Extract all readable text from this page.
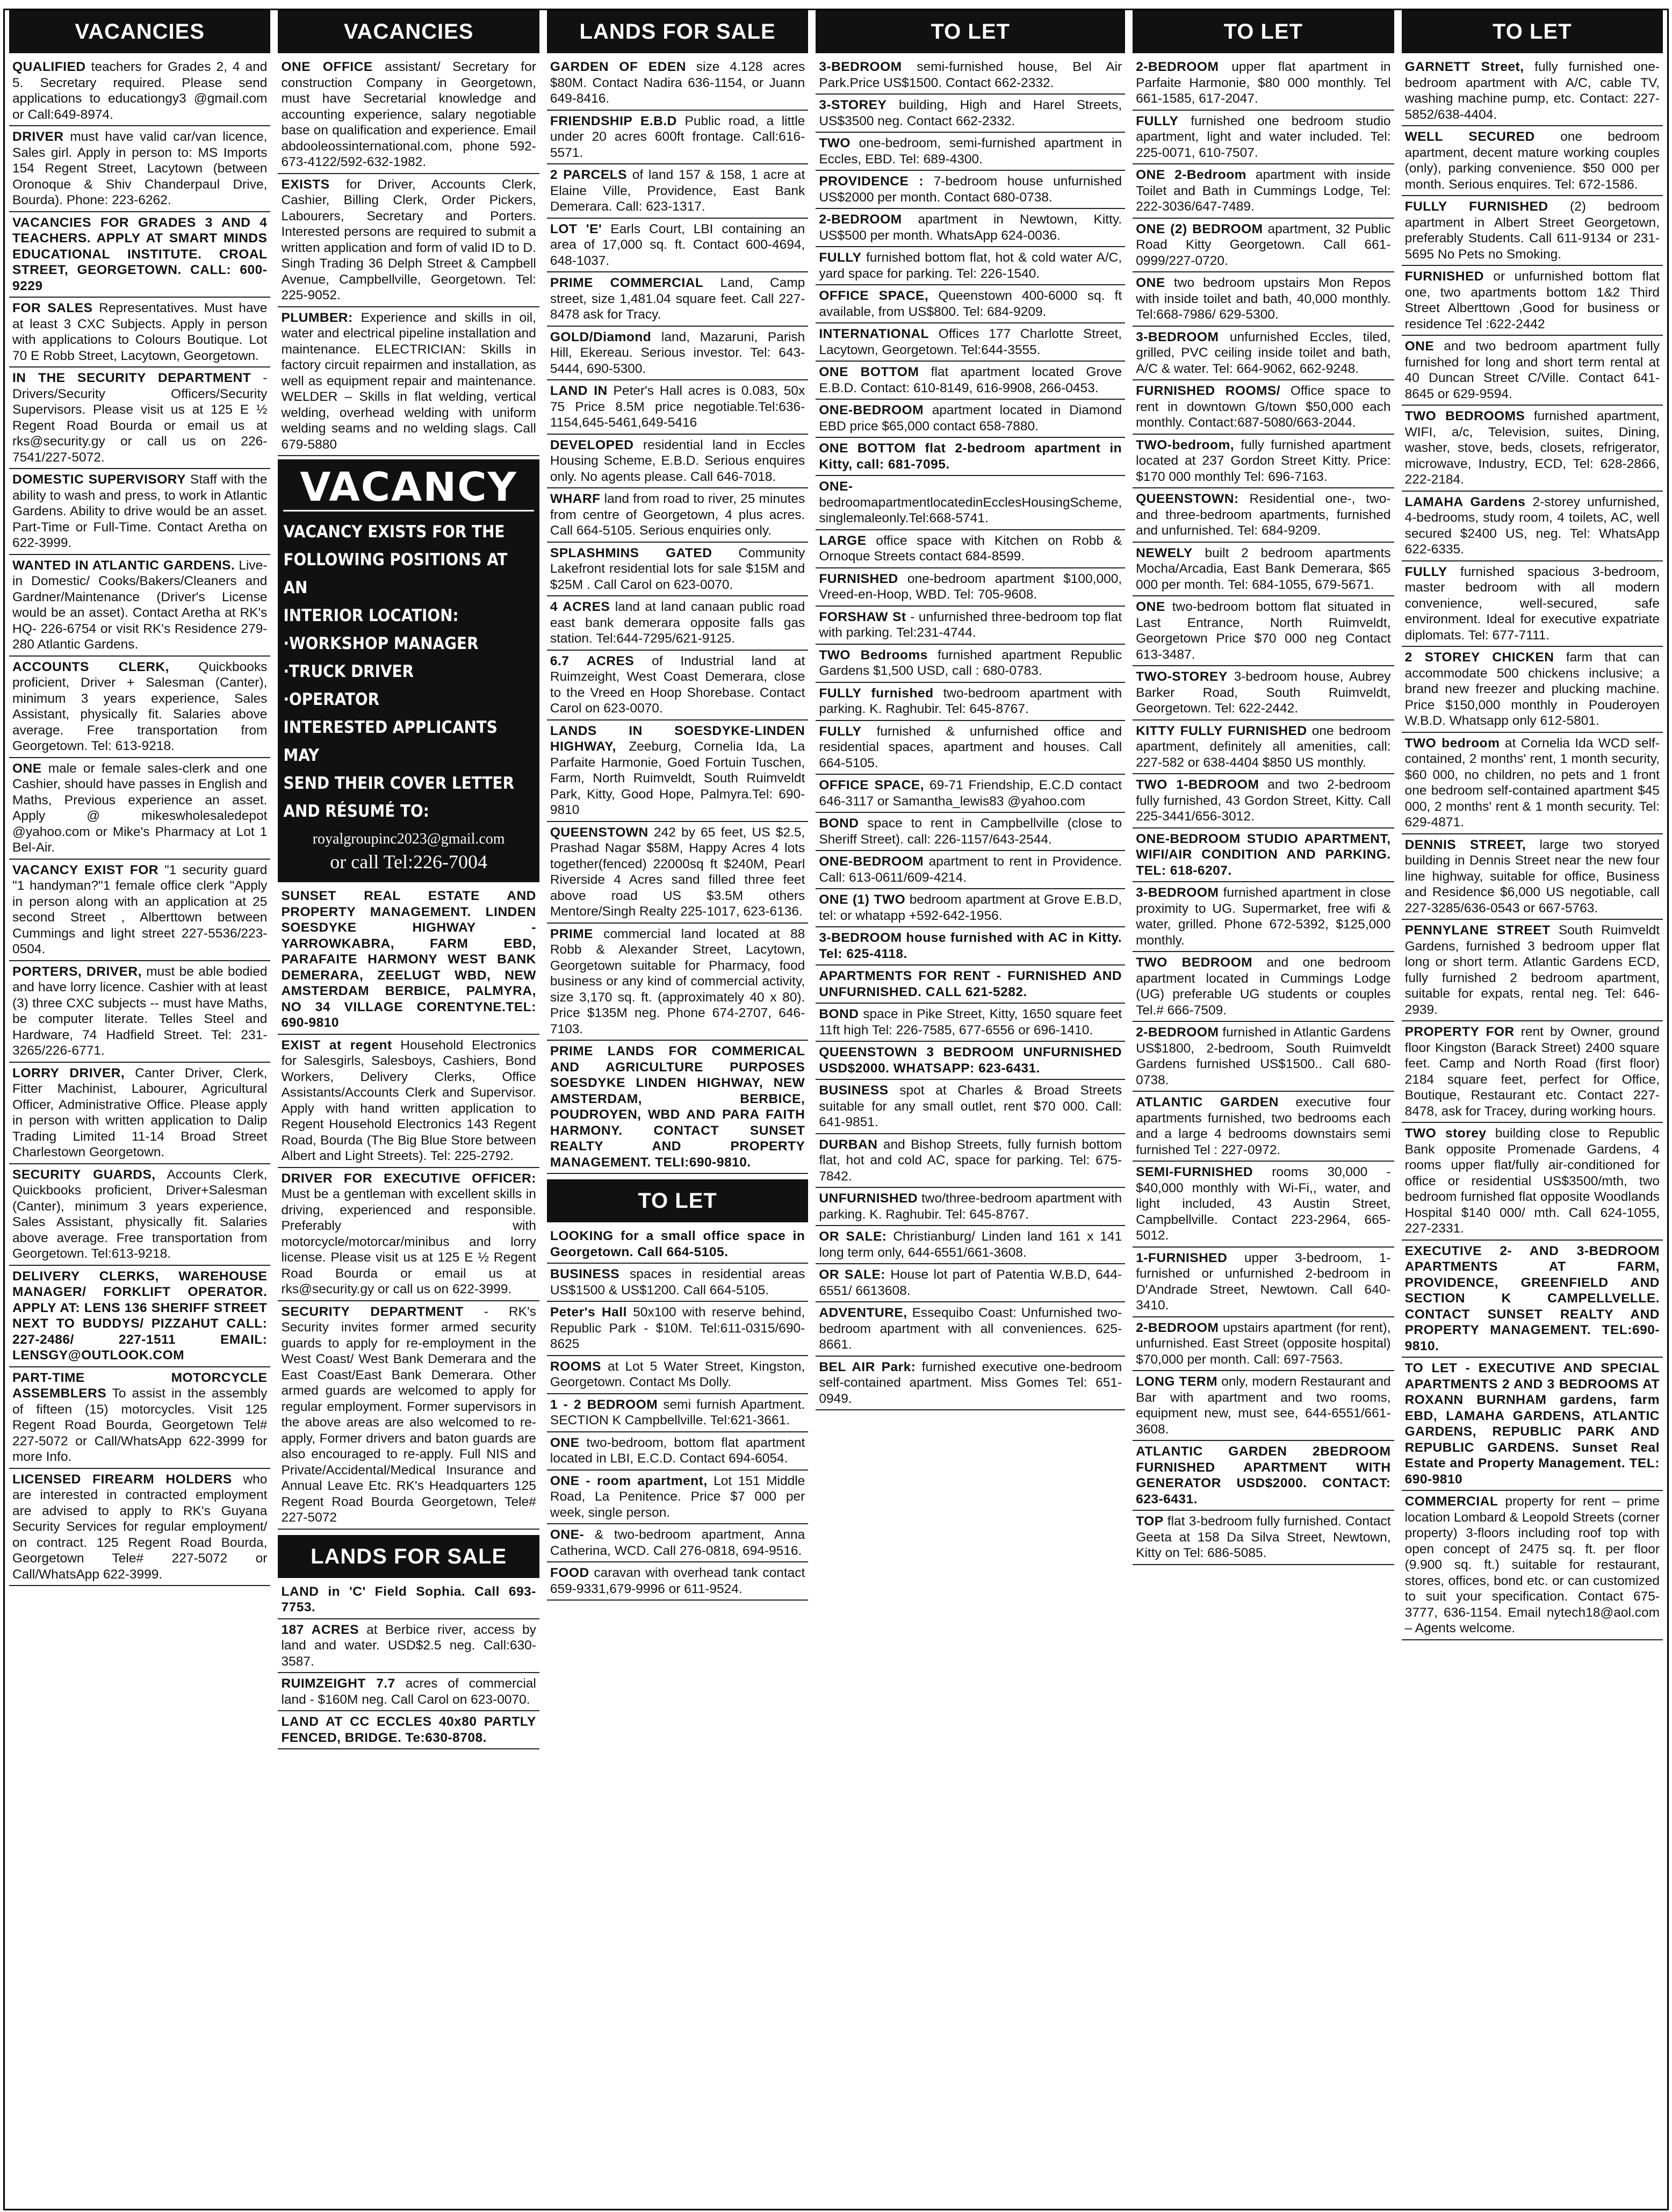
VACANCIES
QUALIFIED teachers for Grades 2, 4 and 5. Secretary required. Please send applications to educationgy3 @gmail.com or Call:649-8974.
DRIVER must have valid car/van licence, Sales girl. Apply in person to: MS Imports 154 Regent Street, Lacytown (between Oronoque & Shiv Chanderpaul Drive, Bourda). Phone: 223-6262.
VACANCIES FOR GRADES 3 AND 4 TEACHERS. APPLY AT SMART MINDS EDUCATIONAL INSTITUTE. CROAL STREET, GEORGETOWN. CALL: 600-9229
FOR SALES Representatives. Must have at least 3 CXC Subjects. Apply in person with applications to Colours Boutique. Lot 70 E Robb Street, Lacytown, Georgetown.
IN THE SECURITY DEPARTMENT - Drivers/Security Officers/Security Supervisors. Please visit us at 125 E ½ Regent Road Bourda or email us at rks@security.gy or call us on 226-7541/227-5072.
DOMESTIC SUPERVISORY Staff with the ability to wash and press, to work in Atlantic Gardens. Ability to drive would be an asset. Part-Time or Full-Time. Contact Aretha on 622-3999.
WANTED IN ATLANTIC GARDENS. Live-in Domestic/ Cooks/Bakers/Cleaners and Gardner/Maintenance (Driver's License would be an asset). Contact Aretha at RK's HQ- 226-6754 or visit RK's Residence 279-280 Atlantic Gardens.
ACCOUNTS CLERK, Quickbooks proficient, Driver + Salesman (Canter), minimum 3 years experience, Sales Assistant, physically fit. Salaries above average. Free transportation from Georgetown. Tel: 613-9218.
ONE male or female sales-clerk and one Cashier, should have passes in English and Maths, Previous experience an asset. Apply @ mikeswholesaledepot @yahoo.com or Mike's Pharmacy at Lot 1 Bel-Air.
VACANCY EXIST FOR "1 security guard "1 handyman?"1 female office clerk "Apply in person along with an application at 25 second Street , Alberttown between Cummings and light street 227-5536/223-0504.
PORTERS, DRIVER, must be able bodied and have lorry licence. Cashier with at least (3) three CXC subjects -- must have Maths, be computer literate. Telles Steel and Hardware, 74 Hadfield Street. Tel: 231-3265/226-6771.
LORRY DRIVER, Canter Driver, Clerk, Fitter Machinist, Labourer, Agricultural Officer, Administrative Office. Please apply in person with written application to Dalip Trading Limited 11-14 Broad Street Charlestown Georgetown.
SECURITY GUARDS, Accounts Clerk, Quickbooks proficient, Driver+Salesman (Canter), minimum 3 years experience, Sales Assistant, physically fit. Salaries above average. Free transportation from Georgetown. Tel:613-9218.
DELIVERY CLERKS, WAREHOUSE MANAGER/ FORKLIFT OPERATOR. APPLY AT: LENS 136 SHERIFF STREET NEXT TO BUDDYS/ PIZZAHUT CALL: 227-2486/ 227-1511 EMAIL: LENSGY@OUTLOOK.COM
PART-TIME MOTORCYCLE ASSEMBLERS To assist in the assembly of fifteen (15) motorcycles. Visit 125 Regent Road Bourda, Georgetown Tel# 227-5072 or Call/WhatsApp 622-3999 for more Info.
LICENSED FIREARM HOLDERS who are interested in contracted employment are advised to apply to RK's Guyana Security Services for regular employment/ on contract. 125 Regent Road Bourda, Georgetown Tele# 227-5072 or Call/WhatsApp 622-3999.
VACANCIES
ONE OFFICE assistant/ Secretary for construction Company in Georgetown, must have Secretarial knowledge and accounting experience, salary negotiable base on qualification and experience. Email abdooleossinternational.com, phone 592-673-4122/592-632-1982.
EXISTS for Driver, Accounts Clerk, Cashier, Billing Clerk, Order Pickers, Labourers, Secretary and Porters. Interested persons are required to submit a written application and form of valid ID to D. Singh Trading 36 Delph Street & Campbell Avenue, Campbellville, Georgetown. Tel: 225-9052.
PLUMBER: Experience and skills in oil, water and electrical pipeline installation and maintenance. ELECTRICIAN: Skills in factory circuit repairmen and installation, as well as equipment repair and maintenance. WELDER – Skills in flat welding, vertical welding, overhead welding with uniform welding seams and no welding slags. Call 679-5880
VACANCY
VACANCY EXISTS FOR THE
FOLLOWING POSITIONS AT AN
INTERIOR LOCATION:
·WORKSHOP MANAGER
·TRUCK DRIVER
·OPERATOR
INTERESTED APPLICANTS MAY
SEND THEIR COVER LETTER
AND RÉSUMÉ TO:
royalgroupinc2023@gmail.com
or call Tel:226-7004
SUNSET REAL ESTATE AND PROPERTY MANAGEMENT. LINDEN SOESDYKE HIGHWAY - YARROWKABRA, FARM EBD, PARAFAITE HARMONY WEST BANK DEMERARA, ZEELUGT WBD, NEW AMSTERDAM BERBICE, PALMYRA, NO 34 VILLAGE CORENTYNE.TEL: 690-9810
EXIST at regent Household Electronics for Salesgirls, Salesboys, Cashiers, Bond Workers, Delivery Clerks, Office Assistants/Accounts Clerk and Supervisor. Apply with hand written application to Regent Household Electronics 143 Regent Road, Bourda (The Big Blue Store between Albert and Light Streets). Tel: 225-2792.
DRIVER FOR EXECUTIVE OFFICER: Must be a gentleman with excellent skills in driving, experienced and responsible. Preferably with motorcycle/motorcar/minibus and lorry license. Please visit us at 125 E ½ Regent Road Bourda or email us at rks@security.gy or call us on 622-3999.
SECURITY DEPARTMENT - RK's Security invites former armed security guards to apply for re-employment in the West Coast/ West Bank Demerara and the East Coast/East Bank Demerara. Other armed guards are welcomed to apply for regular employment. Former supervisors in the above areas are also welcomed to re- apply, Former drivers and baton guards are also encouraged to re-apply. Full NIS and Private/Accidental/Medical Insurance and Annual Leave Etc. RK's Headquarters 125 Regent Road Bourda Georgetown, Tele# 227-5072
LANDS FOR SALE
LAND in 'C' Field Sophia. Call 693-7753.
187 ACRES at Berbice river, access by land and water. USD$2.5 neg. Call:630-3587.
RUIMZEIGHT 7.7 acres of commercial land - $160M neg. Call Carol on 623-0070.
LAND AT CC ECCLES 40x80 PARTLY FENCED, BRIDGE. Te:630-8708.
LANDS FOR SALE
GARDEN OF EDEN size 4.128 acres $80M. Contact Nadira 636-1154, or Juann 649-8416.
FRIENDSHIP E.B.D Public road, a little under 20 acres 600ft frontage. Call:616-5571.
2 PARCELS of land 157 & 158, 1 acre at Elaine Ville, Providence, East Bank Demerara. Call: 623-1317.
LOT 'E' Earls Court, LBI containing an area of 17,000 sq. ft. Contact 600-4694, 648-1037.
PRIME COMMERCIAL Land, Camp street, size 1,481.04 square feet. Call 227-8478 ask for Tracy.
GOLD/Diamond land, Mazaruni, Parish Hill, Ekereau. Serious investor. Tel: 643-5444, 690-5300.
LAND IN Peter's Hall acres is 0.083, 50x 75 Price 8.5M price negotiable.Tel:636-1154,645-5461,649-5416
DEVELOPED residential land in Eccles Housing Scheme, E.B.D. Serious enquires only. No agents please. Call 646-7018.
WHARF land from road to river, 25 minutes from centre of Georgetown, 4 plus acres. Call 664-5105. Serious enquiries only.
SPLASHMINS GATED Community Lakefront residential lots for sale $15M and $25M . Call Carol on 623-0070.
4 ACRES land at land canaan public road east bank demerara opposite falls gas station. Tel:644-7295/621-9125.
6.7 ACRES of Industrial land at Ruimzeight, West Coast Demerara, close to the Vreed en Hoop Shorebase. Contact Carol on 623-0070.
LANDS IN SOESDYKE-LINDEN HIGHWAY, Zeeburg, Cornelia Ida, La Parfaite Harmonie, Goed Fortuin Tuschen, Farm, North Ruimveldt, South Ruimveldt Park, Kitty, Good Hope, Palmyra.Tel: 690-9810
QUEENSTOWN 242 by 65 feet, US $2.5, Prashad Nagar $58M, Happy Acres 4 lots together(fenced) 22000sq ft $240M, Pearl Riverside 4 Acres sand filled three feet above road US $3.5M others Mentore/Singh Realty 225-1017, 623-6136.
PRIME commercial land located at 88 Robb & Alexander Street, Lacytown, Georgetown suitable for Pharmacy, food business or any kind of commercial activity, size 3,170 sq. ft. (approximately 40 x 80). Price $135M neg. Phone 674-2707, 646-7103.
PRIME LANDS FOR COMMERICAL AND AGRICULTURE PURPOSES SOESDYKE LINDEN HIGHWAY, NEW AMSTERDAM, BERBICE, POUDROYEN, WBD AND PARA FAITH HARMONY. CONTACT SUNSET REALTY AND PROPERTY MANAGEMENT. TELI:690-9810.
TO LET
LOOKING for a small office space in Georgetown. Call 664-5105.
BUSINESS spaces in residential areas US$1500 & US$1200. Call 664-5105.
Peter's Hall 50x100 with reserve behind, Republic Park - $10M. Tel:611-0315/690-8625
ROOMS at Lot 5 Water Street, Kingston, Georgetown. Contact Ms Dolly.
1 - 2 BEDROOM semi furnish Apartment. SECTION K Campbellville. Tel:621-3661.
ONE two-bedroom, bottom flat apartment located in LBI, E.C.D. Contact 694-6054.
ONE - room apartment, Lot 151 Middle Road, La Penitence. Price $7 000 per week, single person.
ONE- & two-bedroom apartment, Anna Catherina, WCD. Call 276-0818, 694-9516.
FOOD caravan with overhead tank contact 659-9331,679-9996 or 611-9524.
TO LET
3-BEDROOM semi-furnished house, Bel Air Park.Price US$1500. Contact 662-2332.
3-STOREY building, High and Harel Streets, US$3500 neg. Contact 662-2332.
TWO one-bedroom, semi-furnished apartment in Eccles, EBD. Tel: 689-4300.
PROVIDENCE : 7-bedroom house unfurnished US$2000 per month. Contact 680-0738.
2-BEDROOM apartment in Newtown, Kitty. US$500 per month. WhatsApp 624-0036.
FULLY furnished bottom flat, hot & cold water A/C, yard space for parking. Tel: 226-1540.
OFFICE SPACE, Queenstown 400-6000 sq. ft available, from US$800. Tel: 684-9209.
INTERNATIONAL Offices 177 Charlotte Street, Lacytown, Georgetown. Tel:644-3555.
ONE BOTTOM flat apartment located Grove E.B.D. Contact: 610-8149, 616-9908, 266-0453.
ONE-BEDROOM apartment located in Diamond EBD price $65,000 contact 658-7880.
ONE BOTTOM flat 2-bedroom apartment in Kitty, call: 681-7095.
ONE- bedroomapartmentlocatedinEcclesHousingScheme, singlemaleonly.Tel:668-5741.
LARGE office space with Kitchen on Robb & Ornoque Streets contact 684-8599.
FURNISHED one-bedroom apartment $100,000, Vreed-en-Hoop, WBD. Tel: 705-9608.
FORSHAW St - unfurnished three-bedroom top flat with parking. Tel:231-4744.
TWO Bedrooms furnished apartment Republic Gardens $1,500 USD, call : 680-0783.
FULLY furnished two-bedroom apartment with parking. K. Raghubir. Tel: 645-8767.
FULLY furnished & unfurnished office and residential spaces, apartment and houses. Call 664-5105.
OFFICE SPACE, 69-71 Friendship, E.C.D contact 646-3117 or Samantha_lewis83 @yahoo.com
BOND space to rent in Campbellville (close to Sheriff Street). call: 226-1157/643-2544.
ONE-BEDROOM apartment to rent in Providence. Call: 613-0611/609-4214.
ONE (1) TWO bedroom apartment at Grove E.B.D, tel: or whatapp +592-642-1956.
3-BEDROOM house furnished with AC in Kitty. Tel: 625-4118.
APARTMENTS FOR RENT - FURNISHED AND UNFURNISHED. CALL 621-5282.
BOND space in Pike Street, Kitty, 1650 square feet 11ft high Tel: 226-7585, 677-6556 or 696-1410.
QUEENSTOWN 3 BEDROOM UNFURNISHED USD$2000. WHATSAPP: 623-6431.
BUSINESS spot at Charles & Broad Streets suitable for any small outlet, rent $70 000. Call: 641-9851.
DURBAN and Bishop Streets, fully furnish bottom flat, hot and cold AC, space for parking. Tel: 675-7842.
UNFURNISHED two/three-bedroom apartment with parking. K. Raghubir. Tel: 645-8767.
OR SALE: Christianburg/ Linden land 161 x 141 long term only, 644-6551/661-3608.
OR SALE: House lot part of Patentia W.B.D, 644-6551/ 6613608.
ADVENTURE, Essequibo Coast: Unfurnished two-bedroom apartment with all conveniences. 625-8661.
BEL AIR Park: furnished executive one-bedroom self-contained apartment. Miss Gomes Tel: 651-0949.
TO LET
2-BEDROOM upper flat apartment in Parfaite Harmonie, $80 000 monthly. Tel 661-1585, 617-2047.
FULLY furnished one bedroom studio apartment, light and water included. Tel: 225-0071, 610-7507.
ONE 2-Bedroom apartment with inside Toilet and Bath in Cummings Lodge, Tel: 222-3036/647-7489.
ONE (2) BEDROOM apartment, 32 Public Road Kitty Georgetown. Call 661-0999/227-0720.
ONE two bedroom upstairs Mon Repos with inside toilet and bath, 40,000 monthly. Tel:668-7986/ 629-5300.
3-BEDROOM unfurnished Eccles, tiled, grilled, PVC ceiling inside toilet and bath, A/C & water. Tel: 664-9062, 662-9248.
FURNISHED ROOMS/ Office space to rent in downtown G/town $50,000 each monthly. Contact:687-5080/663-2044.
TWO-bedroom, fully furnished apartment located at 237 Gordon Street Kitty. Price: $170 000 monthly Tel: 696-7163.
QUEENSTOWN: Residential one-, two- and three-bedroom apartments, furnished and unfurnished. Tel: 684-9209.
NEWELY built 2 bedroom apartments Mocha/Arcadia, East Bank Demerara, $65 000 per month. Tel: 684-1055, 679-5671.
ONE two-bedroom bottom flat situated in Last Entrance, North Ruimveldt, Georgetown Price $70 000 neg Contact 613-3487.
TWO-STOREY 3-bedroom house, Aubrey Barker Road, South Ruimveldt, Georgetown. Tel: 622-2442.
KITTY FULLY FURNISHED one bedroom apartment, definitely all amenities, call: 227-582 or 638-4404 $850 US monthly.
TWO 1-BEDROOM and two 2-bedroom fully furnished, 43 Gordon Street, Kitty. Call 225-3441/656-3012.
ONE-BEDROOM STUDIO APARTMENT, WIFI/AIR CONDITION AND PARKING. TEL: 618-6207.
3-BEDROOM furnished apartment in close proximity to UG. Supermarket, free wifi & water, grilled. Phone 672-5392, $125,000 monthly.
TWO BEDROOM and one bedroom apartment located in Cummings Lodge (UG) preferable UG students or couples Tel.# 666-7509.
2-BEDROOM furnished in Atlantic Gardens US$1800, 2-bedroom, South Ruimveldt Gardens furnished US$1500.. Call 680-0738.
ATLANTIC GARDEN executive four apartments furnished, two bedrooms each and a large 4 bedrooms downstairs semi furnished Tel : 227-0972.
SEMI-FURNISHED rooms 30,000 - $40,000 monthly with Wi-Fi,, water, and light included, 43 Austin Street, Campbellville. Contact 223-2964, 665-5012.
1-FURNISHED upper 3-bedroom, 1-furnished or unfurnished 2-bedroom in D'Andrade Street, Newtown. Call 640-3410.
2-BEDROOM upstairs apartment (for rent), unfurnished. East Street (opposite hospital) $70,000 per month. Call: 697-7563.
LONG TERM only, modern Restaurant and Bar with apartment and two rooms, equipment new, must see, 644-6551/661-3608.
ATLANTIC GARDEN 2BEDROOM FURNISHED APARTMENT WITH GENERATOR USD$2000. CONTACT: 623-6431.
TOP flat 3-bedroom fully furnished. Contact Geeta at 158 Da Silva Street, Newtown, Kitty on Tel: 686-5085.
TO LET
GARNETT Street, fully furnished one-bedroom apartment with A/C, cable TV, washing machine pump, etc. Contact: 227-5852/638-4404.
WELL SECURED one bedroom apartment, decent mature working couples (only), parking convenience. $50 000 per month. Serious enquires. Tel: 672-1586.
FULLY FURNISHED (2) bedroom apartment in Albert Street Georgetown, preferably Students. Call 611-9134 or 231-5695 No Pets no Smoking.
FURNISHED or unfurnished bottom flat one, two apartments bottom 1&2 Third Street Alberttown ,Good for business or residence Tel :622-2442
ONE and two bedroom apartment fully furnished for long and short term rental at 40 Duncan Street C/Ville. Contact 641-8645 or 629-9594.
TWO BEDROOMS furnished apartment, WIFI, a/c, Television, suites, Dining, washer, stove, beds, closets, refrigerator, microwave, Industry, ECD, Tel: 628-2866, 222-2184.
LAMAHA Gardens 2-storey unfurnished, 4-bedrooms, study room, 4 toilets, AC, well secured $2400 US, neg. Tel: WhatsApp 622-6335.
FULLY furnished spacious 3-bedroom, master bedroom with all modern convenience, well-secured, safe environment. Ideal for executive expatriate diplomats. Tel: 677-7111.
2 STOREY CHICKEN farm that can accommodate 500 chickens inclusive; a brand new freezer and plucking machine. Price $150,000 monthly in Pouderoyen W.B.D. Whatsapp only 612-5801.
TWO bedroom at Cornelia Ida WCD self-contained, 2 months' rent, 1 month security, $60 000, no children, no pets and 1 front one bedroom self-contained apartment $45 000, 2 months' rent & 1 month security. Tel: 629-4871.
DENNIS STREET, large two storyed building in Dennis Street near the new four line highway, suitable for office, Business and Residence $6,000 US negotiable, call 227-3285/636-0543 or 667-5763.
PENNYLANE STREET South Ruimveldt Gardens, furnished 3 bedroom upper flat long or short term. Atlantic Gardens ECD, fully furnished 2 bedroom apartment, suitable for expats, rental neg. Tel: 646-2939.
PROPERTY FOR rent by Owner, ground floor Kingston (Barack Street) 2400 square feet. Camp and North Road (first floor) 2184 square feet, perfect for Office, Boutique, Restaurant etc. Contact 227-8478, ask for Tracey, during working hours.
TWO storey building close to Republic Bank opposite Promenade Gardens, 4 rooms upper flat/fully air-conditioned for office or residential US$3500/mth, two bedroom furnished flat opposite Woodlands Hospital $140 000/ mth. Call 624-1055, 227-2331.
EXECUTIVE 2- AND 3-BEDROOM APARTMENTS AT FARM, PROVIDENCE, GREENFIELD AND SECTION K CAMPELLVELLE. CONTACT SUNSET REALTY AND PROPERTY MANAGEMENT. TEL:690-9810.
TO LET - EXECUTIVE AND SPECIAL APARTMENTS 2 AND 3 BEDROOMS AT ROXANN BURNHAM gardens, farm EBD, LAMAHA GARDENS, ATLANTIC GARDENS, REPUBLIC PARK AND REPUBLIC GARDENS. Sunset Real Estate and Property Management. TEL: 690-9810
COMMERCIAL property for rent – prime location Lombard & Leopold Streets (corner property) 3-floors including roof top with open concept of 2475 sq. ft. per floor (9.900 sq. ft.) suitable for restaurant, stores, offices, bond etc. or can customized to suit your specification. Contact 675-3777, 636-1154. Email nytech18@aol.com – Agents welcome.
